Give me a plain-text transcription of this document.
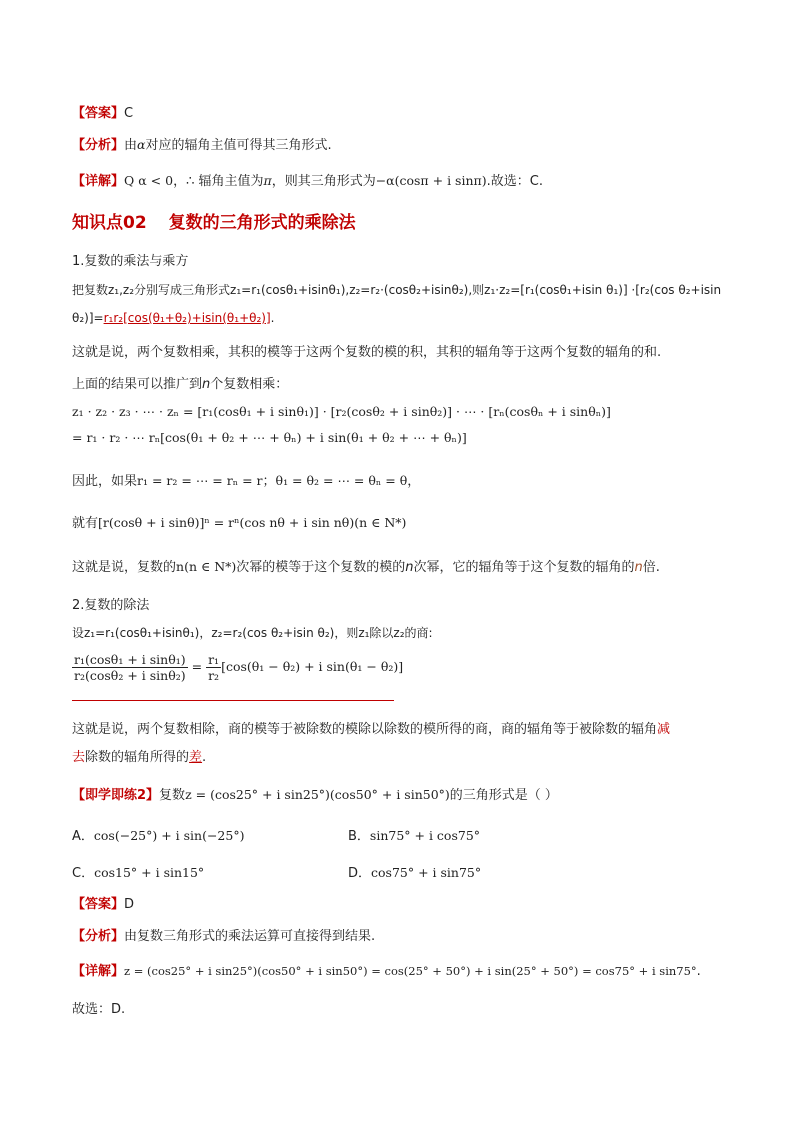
【答案】C
【分析】由α对应的辐角主值可得其三角形式.
【详解】Q α < 0，∴ 辐角主值为π，则其三角形式为−α(cosπ + i sinπ).故选：C.
知识点02 复数的三角形式的乘除法
1.复数的乘法与乘方
把复数z₁,z₂分别写成三角形式z₁=r₁(cosθ₁+isinθ₁),z₂=r₂·(cosθ₂+isinθ₂),则z₁·z₂=[r₁(cosθ₁+isin θ₁)] ·[r₂(cos θ₂+isin
θ₂)]=r₁r₂[cos(θ₁+θ₂)+isin(θ₁+θ₂)].
这就是说，两个复数相乘，其积的模等于这两个复数的模的积，其积的辐角等于这两个复数的辐角的和.
上面的结果可以推广到n个复数相乘：
z₁ · z₂ · z₃ · ⋯ · zₙ = [r₁(cosθ₁ + i sinθ₁)] · [r₂(cosθ₂ + i sinθ₂)] · ⋯ · [rₙ(cosθₙ + i sinθₙ)]
= r₁ · r₂ · ⋯ rₙ[cos(θ₁ + θ₂ + ⋯ + θₙ) + i sin(θ₁ + θ₂ + ⋯ + θₙ)]
因此，如果r₁ = r₂ = ⋯ = rₙ = r；θ₁ = θ₂ = ⋯ = θₙ = θ，
就有[r(cosθ + i sinθ)]ⁿ = rⁿ(cos nθ + i sin nθ)(n ∈ N*)
这就是说，复数的n(n ∈ N*)次幂的模等于这个复数的模的n次幂，它的辐角等于这个复数的辐角的n倍.
2.复数的除法
设z₁=r₁(cosθ₁+isinθ₁)，z₂=r₂(cos θ₂+isin θ₂)，则z₁除以z₂的商:
$\frac{\text{r₁(cosθ₁ + i sinθ₁)}}{\text{r₂(cosθ₂ + i sinθ₂)}} = \frac{\text{r₁}}{\text{r₂}} [\cos(\theta_1 - \theta_2) + i$ sin(θ₁ − θ₂)]
这就是说，两个复数相除，商的模等于被除数的模除以除数的模所得的商，商的辐角等于被除数的辐角减
去除数的辐角所得的差.
【即学即练2】复数z = (cos25° + i sin25°)(cos50° + i sin50°)的三角形式是（ ）
A．cos(−25°) + i sin(−25°)	B．sin75° + i cos75°
C．cos15° + i sin15°	D．cos75° + i sin75°
【答案】D
【分析】由复数三角形式的乘法运算可直接得到结果.
【详解】z = (cos25° + i sin25°)(cos50° + i sin50°) = cos(25° + 50°) + i sin(25° + 50°) = cos75° + i sin75°.
故选：D.
